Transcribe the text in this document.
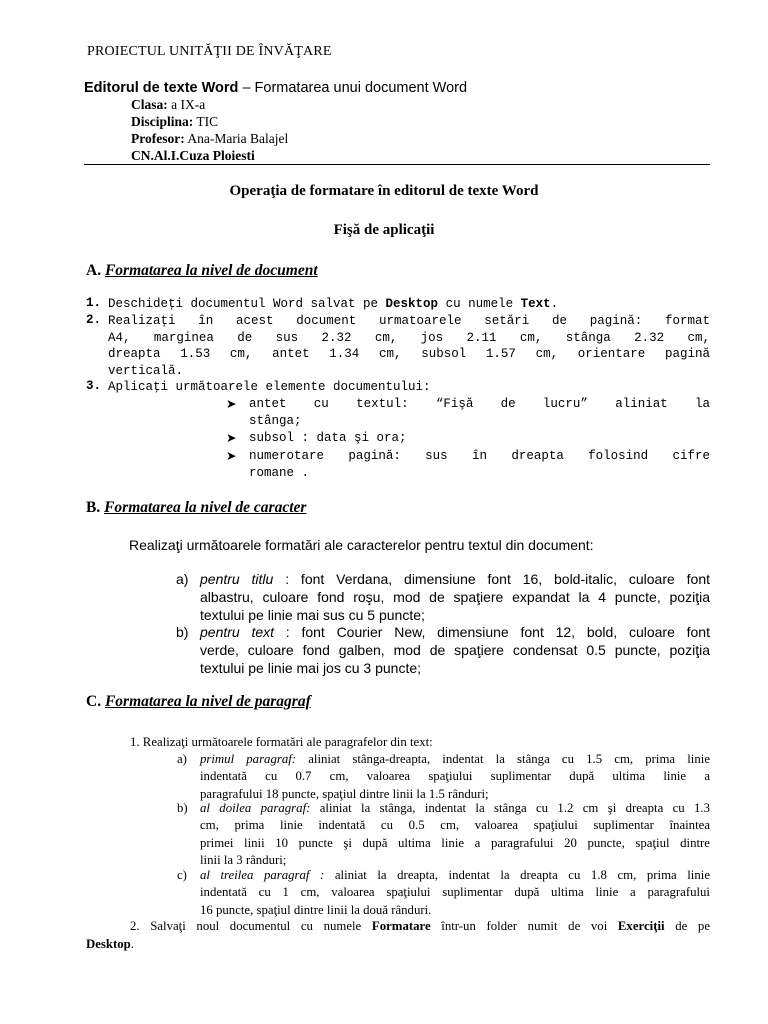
PROIECTUL UNITĂŢII DE ÎNVĂŢARE
Editorul de texte Word – Formatarea unui document Word
Clasa: a IX-a
Disciplina: TIC
Profesor: Ana-Maria Balajel
CN.Al.I.Cuza Ploiesti
Operaţia de formatare în editorul de texte Word
Fişă de aplicaţii
A. Formatarea la nivel de document
1. Deschideţi documentul Word salvat pe Desktop cu numele Text.
2. Realizaţi în acest document urmatoarele setări de pagină: format
A4, marginea de sus 2.32 cm, jos 2.11 cm, stânga 2.32 cm,
dreapta 1.53 cm, antet 1.34 cm, subsol 1.57 cm, orientare pagină
verticală.
3. Aplicaţi următoarele elemente documentului:
➤ antet cu textul: “Fişă de lucru” aliniat la
stânga;
➤ subsol : data şi ora;
➤ numerotare pagină: sus în dreapta folosind cifre
romane .
B. Formatarea la nivel de caracter
Realizaţi următoarele formatări ale caracterelor pentru textul din document:
a) pentru titlu : font Verdana, dimensiune font 16, bold-italic, culoare font
albastru, culoare fond roşu, mod de spaţiere expandat la 4 puncte, poziţia
textului pe linie mai sus cu 5 puncte;
b) pentru text : font Courier New, dimensiune font 12, bold, culoare font
verde, culoare fond galben, mod de spaţiere condensat 0.5 puncte, poziţia
textului pe linie mai jos cu 3 puncte;
C. Formatarea la nivel de paragraf
1. Realizaţi următoarele formatări ale paragrafelor din text:
a) primul paragraf: aliniat stânga-dreapta, indentat la stânga cu 1.5 cm, prima linie
indentată cu 0.7 cm, valoarea spaţiului suplimentar după ultima linie a
paragrafului 18 puncte, spaţiul dintre linii la 1.5 rânduri;
b) al doilea paragraf: aliniat la stânga, indentat la stânga cu 1.2 cm şi dreapta cu 1.3
cm, prima linie indentată cu 0.5 cm, valoarea spaţiului suplimentar înaintea
primei linii 10 puncte şi după ultima linie a paragrafului 20 puncte, spaţiul dintre
linii la 3 rânduri;
c) al treilea paragraf : aliniat la dreapta, indentat la dreapta cu 1.8 cm, prima linie
indentată cu 1 cm, valoarea spaţiului suplimentar după ultima linie a paragrafului
16 puncte, spaţiul dintre linii la două rânduri.
2. Salvaţi noul documentul cu numele Formatare într-un folder numit de voi Exerciţii de pe
Desktop.
